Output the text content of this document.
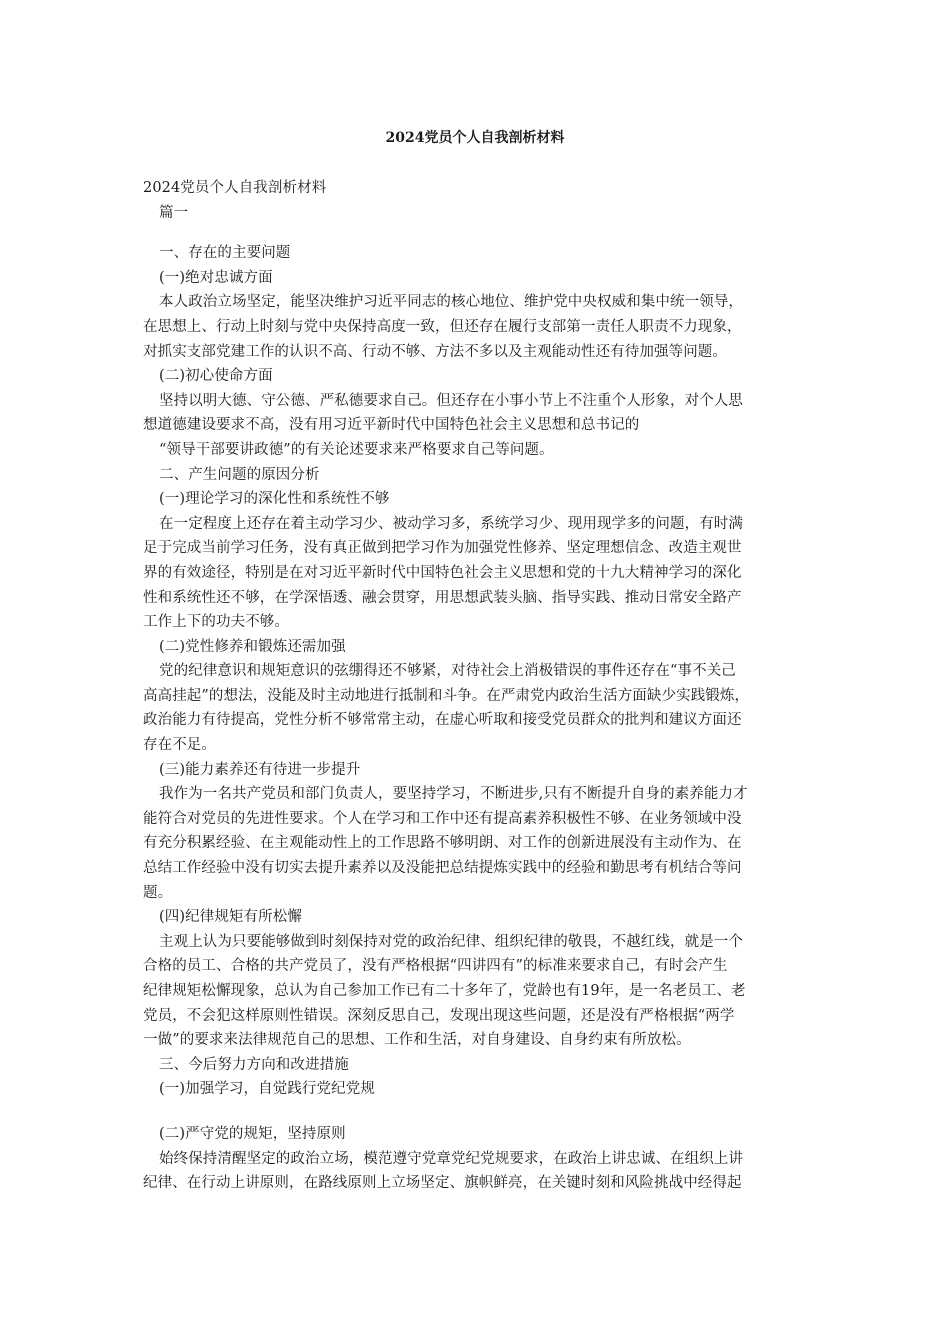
2024党员个人自我剖析材料
2024党员个人自我剖析材料
篇一
一、存在的主要问题
(一)绝对忠诚方面
本人政治立场坚定，能坚决维护习近平同志的核心地位、维护党中央权威和集中统一领导，
在思想上、行动上时刻与党中央保持高度一致，但还存在履行支部第一责任人职责不力现象，
对抓实支部党建工作的认识不高、行动不够、方法不多以及主观能动性还有待加强等问题。
(二)初心使命方面
坚持以明大德、守公德、严私德要求自己。但还存在小事小节上不注重个人形象，对个人思
想道德建设要求不高，没有用习近平新时代中国特色社会主义思想和总书记的
“领导干部要讲政德”的有关论述要求来严格要求自己等问题。
二、产生问题的原因分析
(一)理论学习的深化性和系统性不够
在一定程度上还存在着主动学习少、被动学习多，系统学习少、现用现学多的问题，有时满
足于完成当前学习任务，没有真正做到把学习作为加强党性修养、坚定理想信念、改造主观世
界的有效途径，特别是在对习近平新时代中国特色社会主义思想和党的十九大精神学习的深化
性和系统性还不够，在学深悟透、融会贯穿，用思想武装头脑、指导实践、推动日常安全路产
工作上下的功夫不够。
(二)党性修养和锻炼还需加强
党的纪律意识和规矩意识的弦绷得还不够紧，对待社会上消极错误的事件还存在“事不关己
高高挂起”的想法，没能及时主动地进行抵制和斗争。在严肃党内政治生活方面缺少实践锻炼，
政治能力有待提高，党性分析不够常常主动，在虚心听取和接受党员群众的批判和建议方面还
存在不足。
(三)能力素养还有待进一步提升
我作为一名共产党员和部门负责人，要坚持学习，不断进步,只有不断提升自身的素养能力才
能符合对党员的先进性要求。个人在学习和工作中还有提高素养积极性不够、在业务领域中没
有充分积累经验、在主观能动性上的工作思路不够明朗、对工作的创新进展没有主动作为、在
总结工作经验中没有切实去提升素养以及没能把总结提炼实践中的经验和勤思考有机结合等问
题。
(四)纪律规矩有所松懈
主观上认为只要能够做到时刻保持对党的政治纪律、组织纪律的敬畏，不越红线，就是一个
合格的员工、合格的共产党员了，没有严格根据“四讲四有”的标准来要求自己，有时会产生
纪律规矩松懈现象，总认为自己参加工作已有二十多年了，党龄也有19年，是一名老员工、老
党员，不会犯这样原则性错误。深刻反思自己，发现出现这些问题，还是没有严格根据“两学
一做”的要求来法律规范自己的思想、工作和生活，对自身建设、自身约束有所放松。
三、今后努力方向和改进措施
(一)加强学习，自觉践行党纪党规
(二)严守党的规矩，坚持原则
始终保持清醒坚定的政治立场，模范遵守党章党纪党规要求，在政治上讲忠诚、在组织上讲
纪律、在行动上讲原则，在路线原则上立场坚定、旗帜鲜亮，在关键时刻和风险挑战中经得起
